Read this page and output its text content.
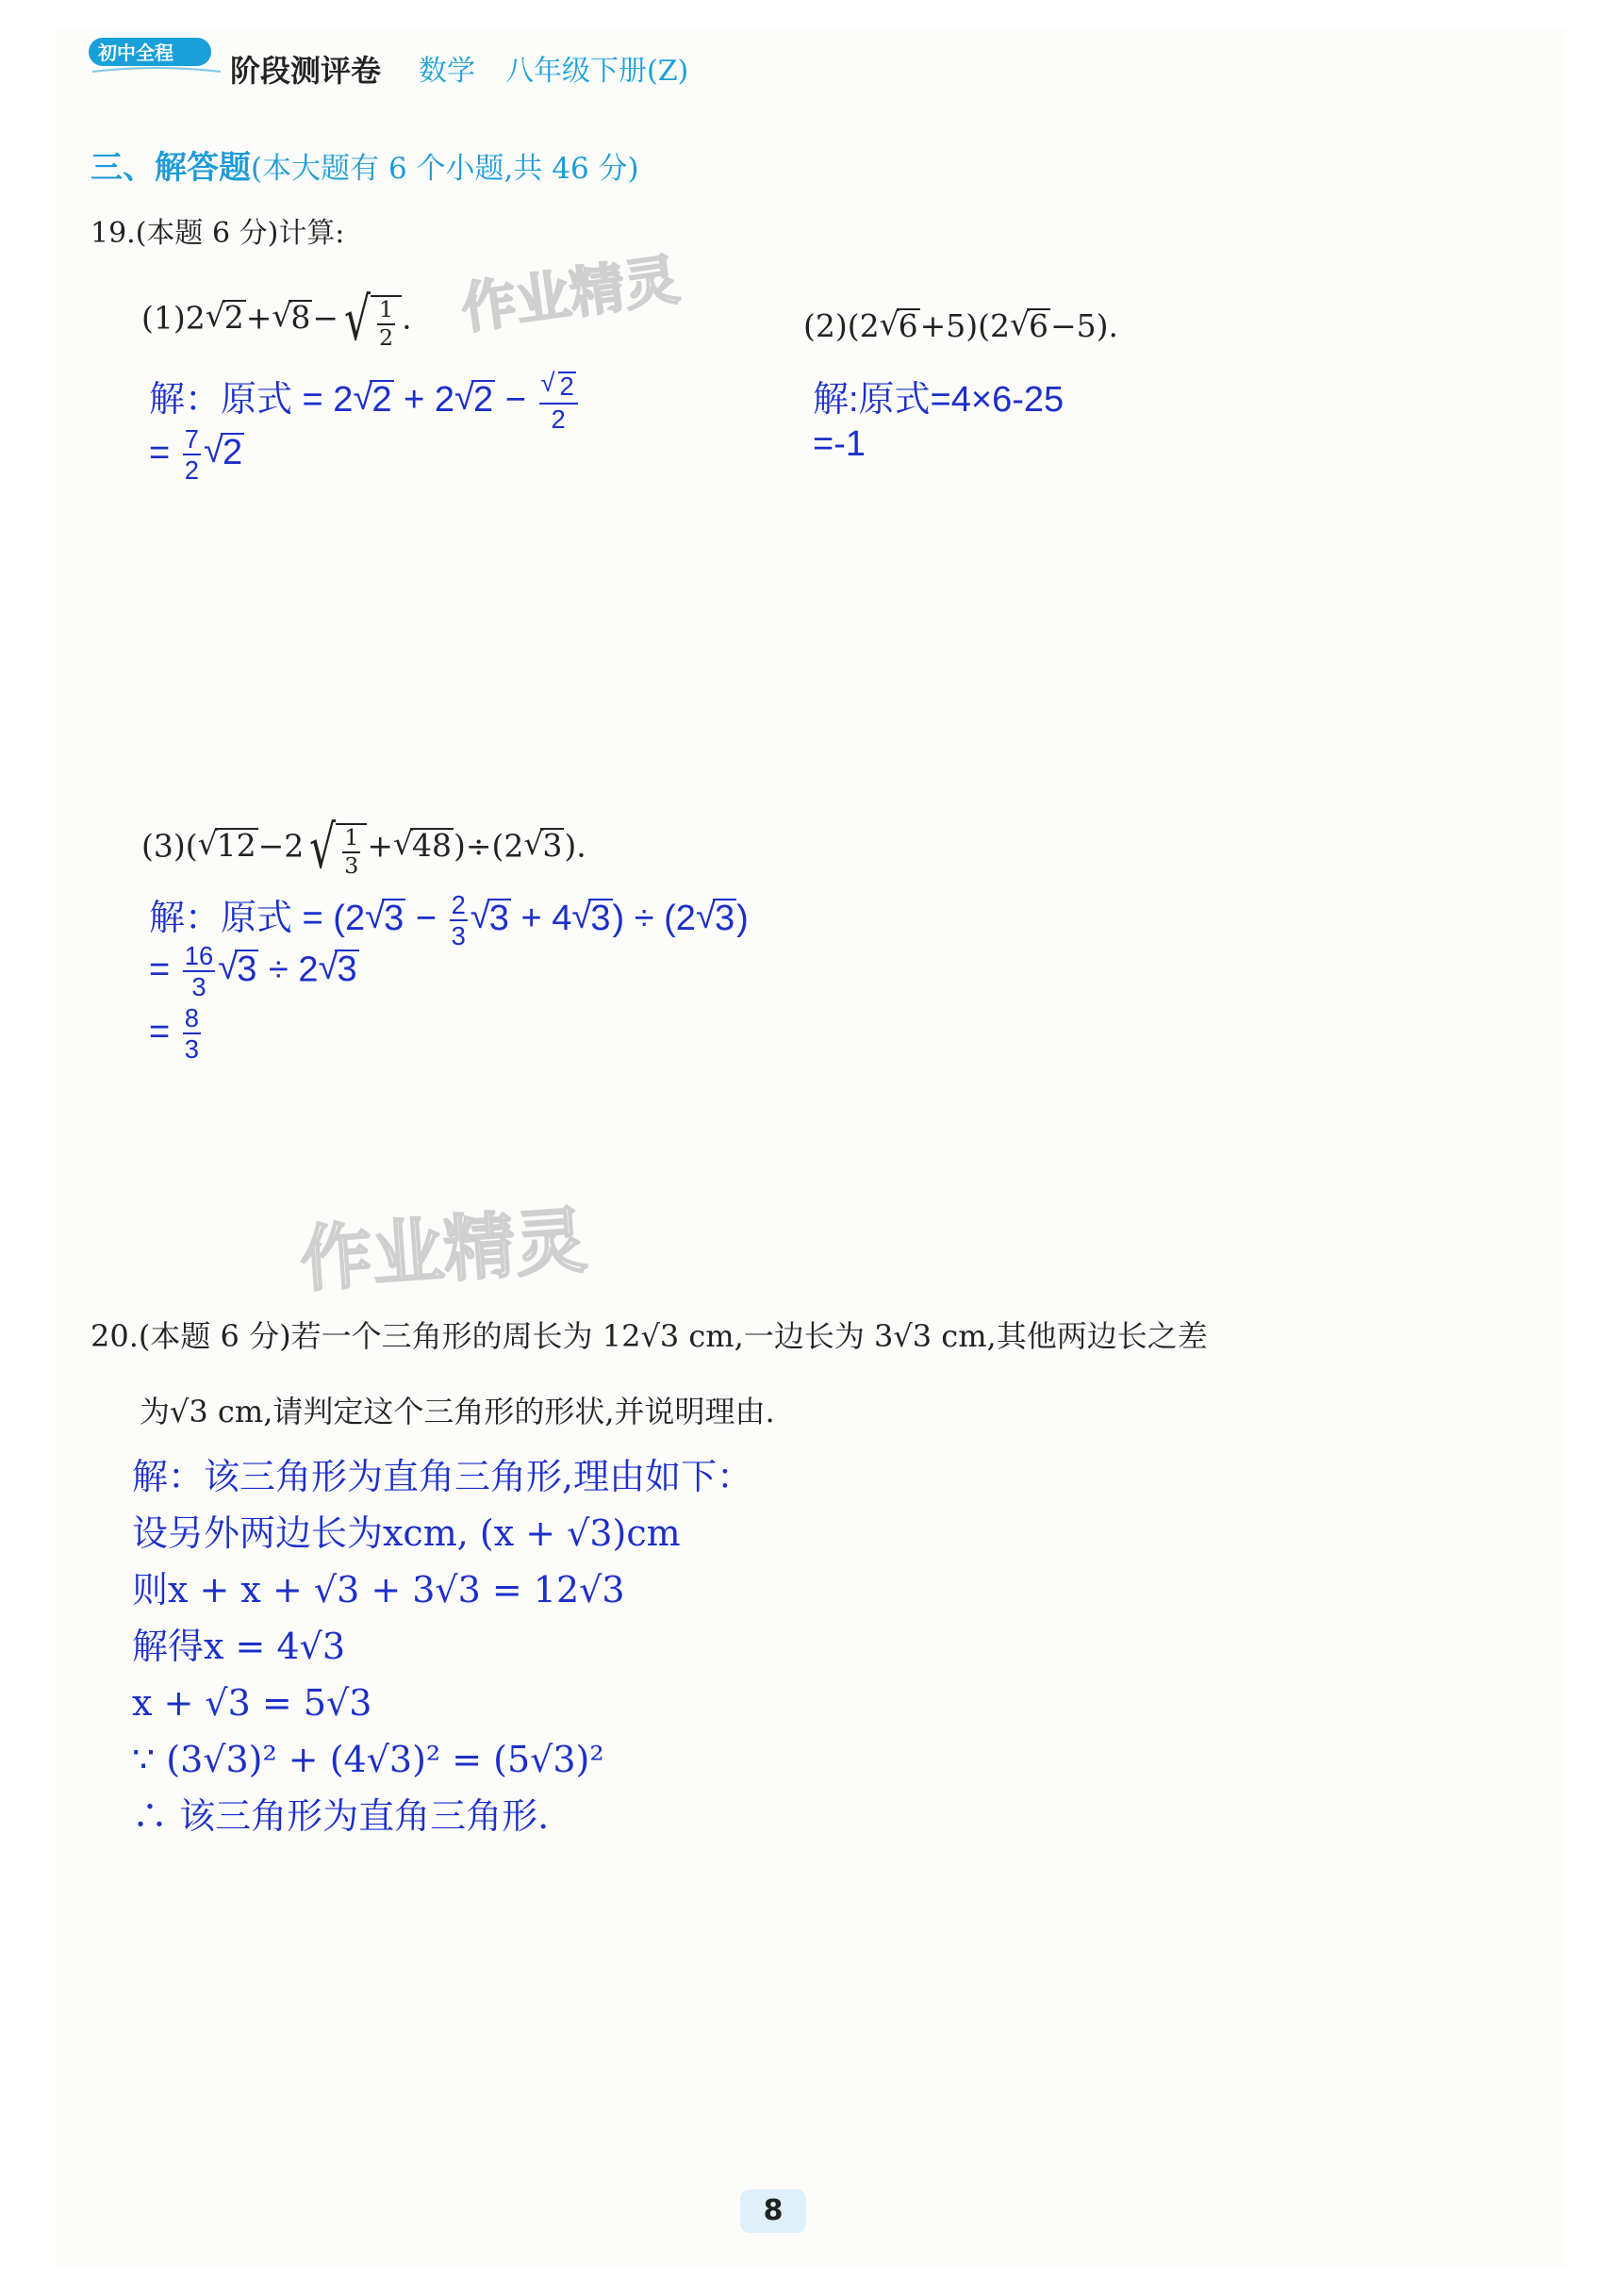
初中全程 阶段测评卷 数学 八年级下册(Z)
三、解答题(本大题有 6 个小题,共 46 分)
19.(本题 6 分)计算:
(1)2 √ 2+ √ 8− √ $\frac{1}{2}$ .
解：原式 = 2 √ 2 + 2 √ 2 − √ $\frac{2}{2}$
= $\frac{7}{2}$ √ 2
作业精灵	(2)(2 √ 6+5)(2 √ 6−5).
解:原式=4×6-25
=-1
(3)( √ 12−2 √ $\frac{1}{3}$ + √ 48)÷(2 √ 3).
解：原式 = (2 √ $3 - \frac{2}{3}$ √ 3 + 4 √ 3) ÷ (2 √ 3)
= $\frac{16}{3}$ √ 3 ÷ 2 √ 3
= $\frac{8}{3}$
作业精灵
20.(本题 6 分)若一个三角形的周长为 12√3 cm,一边长为 3√3 cm,其他两边长之差
为√3 cm,请判定这个三角形的形状,并说明理由.
解：该三角形为直角三角形,理由如下：
设另外两边长为xcm, (x + √3)cm
则x + x + √3 + 3√3 = 12√3
解得x = 4√3
x + √3 = 5√3
∵ (3√3)² + (4√3)² = (5√3)²
∴ 该三角形为直角三角形.
8
